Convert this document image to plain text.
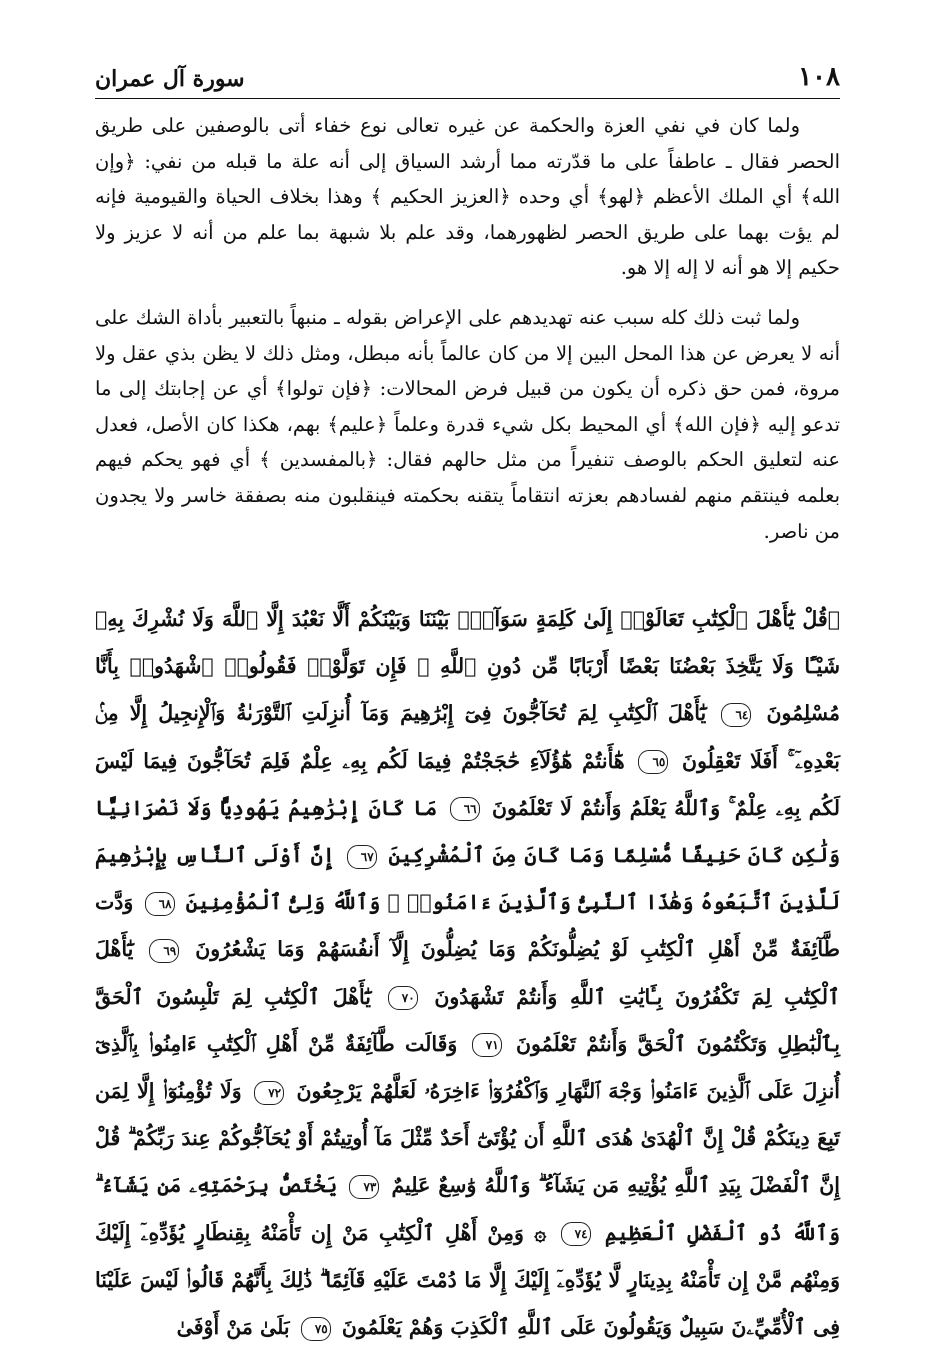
١٠٨
سورة آل عمران

ولما كان في نفي العزة والحكمة عن غيره تعالى نوع خفاء أتى بالوصفين على طريق الحصر فقال ـ عاطفاً على ما قدّرته مما أرشد السياق إلى أنه علة ما قبله من نفي: ﴿وإن الله﴾ أي الملك الأعظم ﴿لهو﴾ أي وحده ﴿العزيز الحكيم ﴾ وهذا بخلاف الحياة والقيومية فإنه لم يؤت بهما على طريق الحصر لظهورهما، وقد علم بلا شبهة بما علم من أنه لا عزيز ولا حكيم إلا هو أنه لا إله إلا هو.

ولما ثبت ذلك كله سبب عنه تهديدهم على الإعراض بقوله ـ منبهاً بالتعبير بأداة الشك على أنه لا يعرض عن هذا المحل البين إلا من كان عالماً بأنه مبطل، ومثل ذلك لا يظن بذي عقل ولا مروة، فمن حق ذكره أن يكون من قبيل فرض المحالات: ﴿فإن تولوا﴾ أي عن إجابتك إلى ما تدعو إليه ﴿فإن الله﴾ أي المحيط بكل شيء قدرة وعلماً ﴿عليم﴾ بهم، هكذا كان الأصل، فعدل عنه لتعليق الحكم بالوصف تنفيراً من مثل حالهم فقال: ﴿بالمفسدين ﴾ أي فهو يحكم فيهم بعلمه فينتقم منهم لفسادهم بعزته انتقاماً يتقنه بحكمته فينقلبون منه بصفقة خاسر ولا يجدون من ناصر.

﴿قُلْ يَٰٓأَهْلَ ٱلْكِتَٰبِ تَعَالَوْا۟ إِلَىٰ كَلِمَةٍ سَوَآءٍۭ بَيْنَنَا وَبَيْنَكُمْ أَلَّا نَعْبُدَ إِلَّا ٱللَّهَ وَلَا نُشْرِكَ بِهِۦ شَيْـًٔا وَلَا يَتَّخِذَ بَعْضُنَا بَعْضًا أَرْبَابًا مِّن دُونِ ٱللَّهِ ۚ فَإِن تَوَلَّوْا۟ فَقُولُوا۟ ٱشْهَدُوا۟ بِأَنَّا مُسْلِمُونَ ٦٤ يَٰٓأَهْلَ ٱلْكِتَٰبِ لِمَ تُحَآجُّونَ فِىٓ إِبْرَٰهِيمَ وَمَآ أُنزِلَتِ ٱلتَّوْرَىٰةُ وَٱلْإِنجِيلُ إِلَّا مِنۢ بَعْدِهِۦٓ ۚ أَفَلَا تَعْقِلُونَ ٦٥ هَٰٓأَنتُمْ هَٰٓؤُلَآءِ حَٰجَجْتُمْ فِيمَا لَكُم بِهِۦ عِلْمٌ فَلِمَ تُحَآجُّونَ فِيمَا لَيْسَ لَكُم بِهِۦ عِلْمٌ ۚ وَٱللَّهُ يَعْلَمُ وَأَنتُمْ لَا تَعْلَمُونَ ٦٦ مَا كَانَ إِبْرَٰهِيمُ يَهُودِيًّا وَلَا نَصْرَانِيًّا وَلَٰكِن كَانَ حَنِيفًا مُّسْلِمًا وَمَا كَانَ مِنَ ٱلْمُشْرِكِينَ ٦٧ إِنَّ أَوْلَى ٱلنَّاسِ بِإِبْرَٰهِيمَ لَلَّذِينَ ٱتَّبَعُوهُ وَهَٰذَا ٱلنَّبِىُّ وَٱلَّذِينَ ءَامَنُوا۟ ۗ وَٱللَّهُ وَلِىُّ ٱلْمُؤْمِنِينَ ٦٨ وَدَّت طَّآئِفَةٌ مِّنْ أَهْلِ ٱلْكِتَٰبِ لَوْ يُضِلُّونَكُمْ وَمَا يُضِلُّونَ إِلَّآ أَنفُسَهُمْ وَمَا يَشْعُرُونَ ٦٩ يَٰٓأَهْلَ ٱلْكِتَٰبِ لِمَ تَكْفُرُونَ بِـَٔايَٰتِ ٱللَّهِ وَأَنتُمْ تَشْهَدُونَ ٧٠ يَٰٓأَهْلَ ٱلْكِتَٰبِ لِمَ تَلْبِسُونَ ٱلْحَقَّ بِٱلْبَٰطِلِ وَتَكْتُمُونَ ٱلْحَقَّ وَأَنتُمْ تَعْلَمُونَ ٧١ وَقَالَت طَّآئِفَةٌ مِّنْ أَهْلِ ٱلْكِتَٰبِ ءَامِنُوا۟ بِٱلَّذِىٓ أُنزِلَ عَلَى ٱلَّذِينَ ءَامَنُوا۟ وَجْهَ ٱلنَّهَارِ وَٱكْفُرُوٓا۟ ءَاخِرَهُۥ لَعَلَّهُمْ يَرْجِعُونَ ٧٢ وَلَا تُؤْمِنُوٓا۟ إِلَّا لِمَن تَبِعَ دِينَكُمْ قُلْ إِنَّ ٱلْهُدَىٰ هُدَى ٱللَّهِ أَن يُؤْتَىٰٓ أَحَدٌ مِّثْلَ مَآ أُوتِيتُمْ أَوْ يُحَآجُّوكُمْ عِندَ رَبِّكُمْ ۗ قُلْ إِنَّ ٱلْفَضْلَ بِيَدِ ٱللَّهِ يُؤْتِيهِ مَن يَشَآءُ ۗ وَٱللَّهُ وَٰسِعٌ عَلِيمٌ ٧٣ يَخْتَصُّ بِرَحْمَتِهِۦ مَن يَشَآءُ ۗ وَٱللَّهُ ذُو ٱلْفَضْلِ ٱلْعَظِيمِ ٧٤ ۞ وَمِنْ أَهْلِ ٱلْكِتَٰبِ مَنْ إِن تَأْمَنْهُ بِقِنطَارٍ يُؤَدِّهِۦٓ إِلَيْكَ وَمِنْهُم مَّنْ إِن تَأْمَنْهُ بِدِينَارٍ لَّا يُؤَدِّهِۦٓ إِلَيْكَ إِلَّا مَا دُمْتَ عَلَيْهِ قَآئِمًا ۗ ذَٰلِكَ بِأَنَّهُمْ قَالُوا۟ لَيْسَ عَلَيْنَا فِى ٱلْأُمِّيِّۦنَ سَبِيلٌ وَيَقُولُونَ عَلَى ٱللَّهِ ٱلْكَذِبَ وَهُمْ يَعْلَمُونَ ٧٥ بَلَىٰ مَنْ أَوْفَىٰ
